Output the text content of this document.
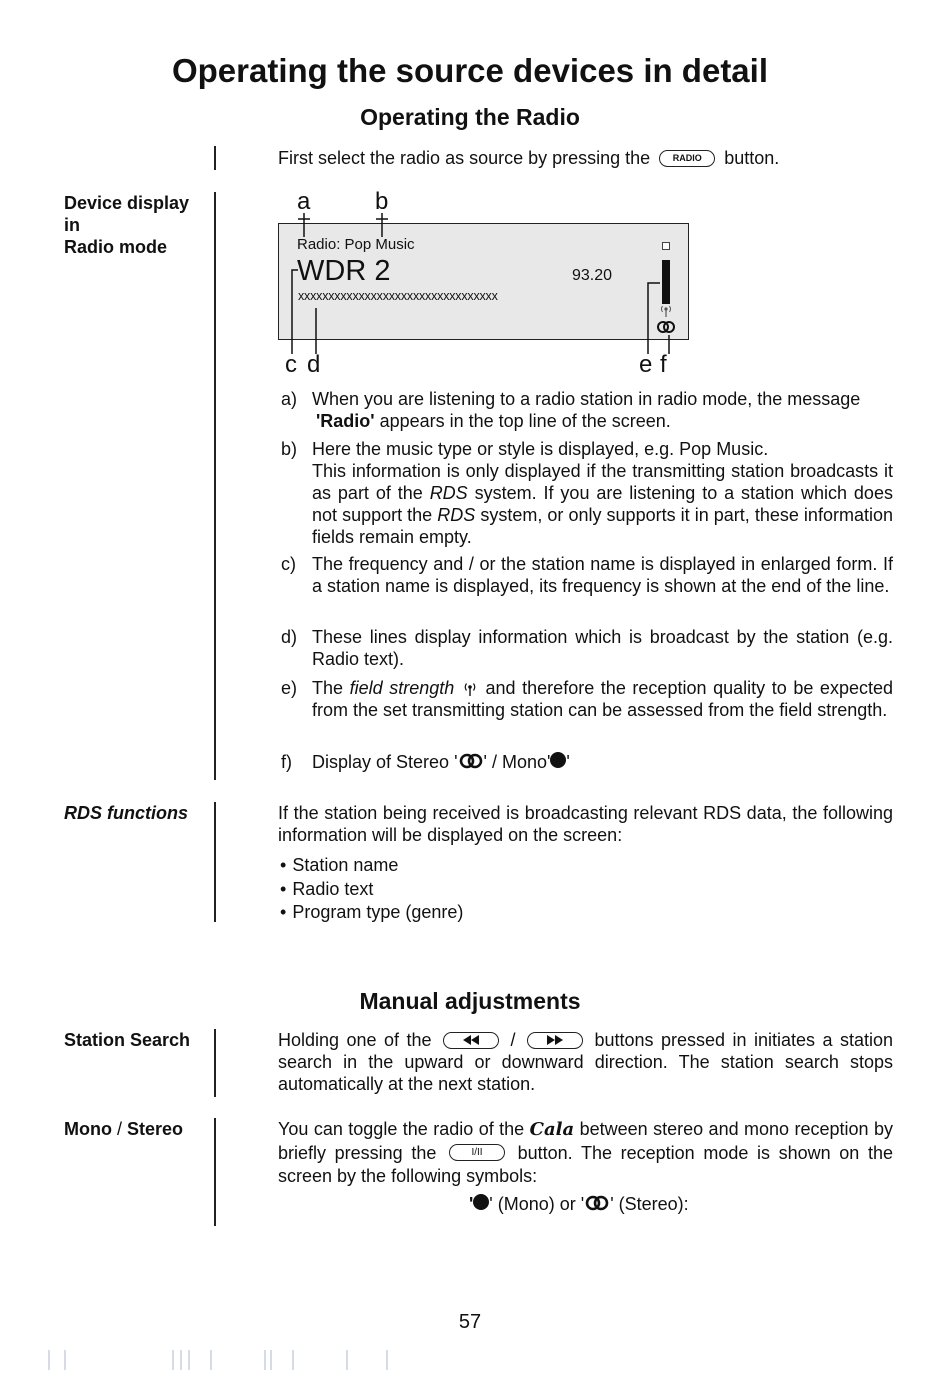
Operating the source devices in detail
Operating the Radio
First select the radio as source by pressing the	RADIO button.
Device display
in
Radio mode
a	b
c d	e f
Radio: Pop Music
WDR 2	93.20
xxxxxxxxxxxxxxxxxxxxxxxxxxxxxxxxx
a) When you are listening to a radio station in radio mode, the message
'Radio' appears in the top line of the screen.
b) Here the music type or style is displayed, e.g. Pop Music.
This information is only displayed if the transmitting station broadcasts it as part of the RDS system. If you are listening to a station which does not support the RDS system, or only supports it in part, these information fields remain empty.
c) The frequency and / or the station name is displayed in enlarged form. If a station name is displayed, its frequency is shown at the end of the line.
d) These lines display information which is broadcast by the station (e.g. Radio text).
e) The field strength and therefore the reception quality to be expected from the set transmitting station can be assessed from the field strength.
f) Display of Stereo ' ' / Mono' '
RDS functions	If the station being received is broadcasting relevant RDS data, the following information will be displayed on the screen:
• Station name
• Radio text
• Program type (genre)
Manual adjustments
Station Search	Holding one of the	/	buttons pressed in initiates a station search in the upward or downward direction. The station search stops automatically at the next station.
Mono / Stereo	You can toggle the radio of the Cala between stereo and mono reception by briefly pressing the	I/II button. The reception mode is shown on the screen by the following symbols:
' ' (Mono) or ' ' (Stereo):
57
